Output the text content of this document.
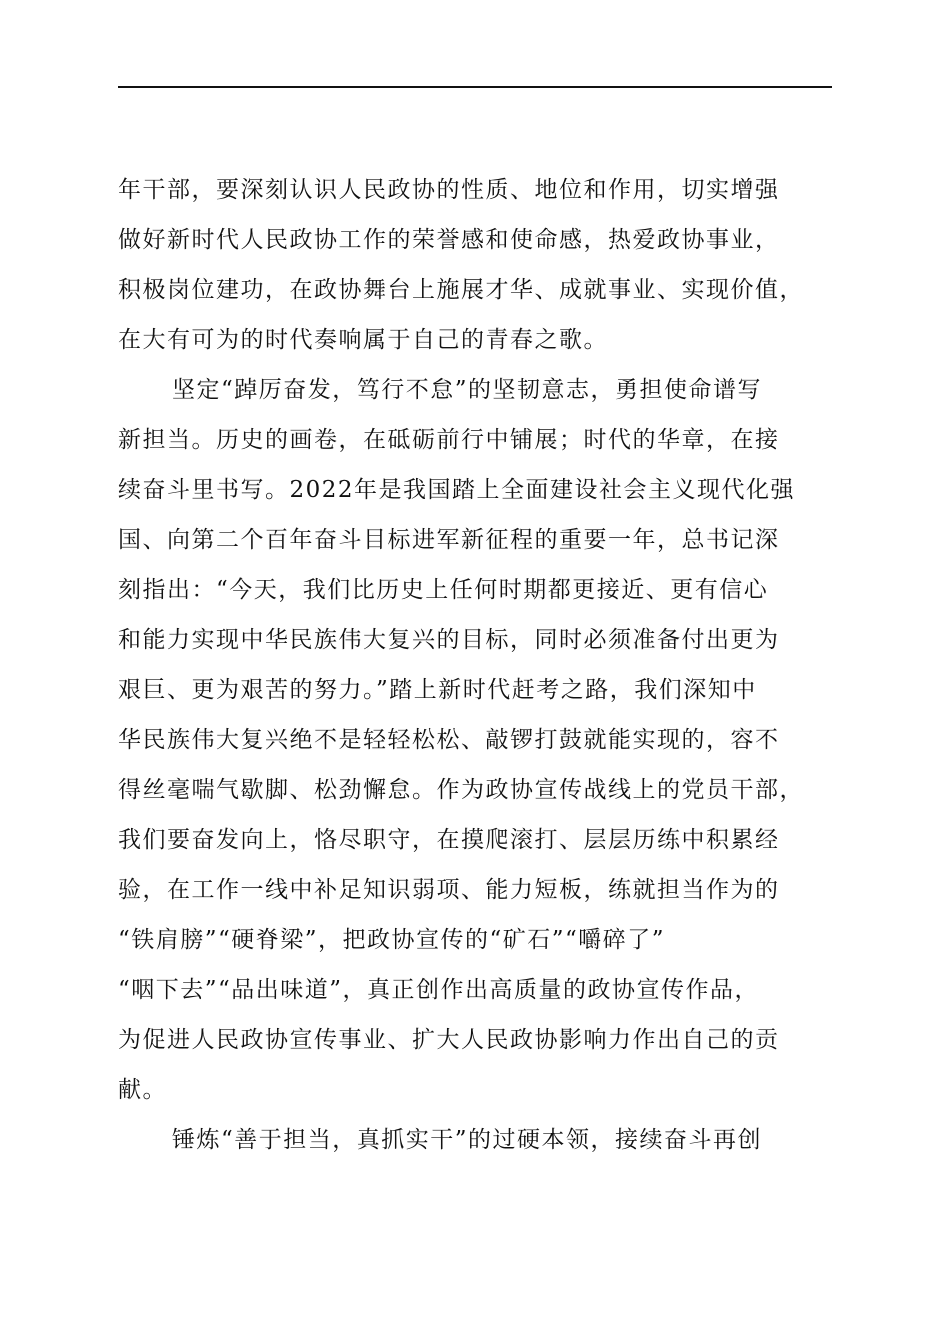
年干部，要深刻认识人民政协的性质、地位和作用，切实增强
做好新时代人民政协工作的荣誉感和使命感，热爱政协事业，
积极岗位建功，在政协舞台上施展才华、成就事业、实现价值，
在大有可为的时代奏响属于自己的青春之歌。
坚定“踔厉奋发，笃行不怠”的坚韧意志，勇担使命谱写
新担当。历史的画卷，在砥砺前行中铺展；时代的华章，在接
续奋斗里书写。2022年是我国踏上全面建设社会主义现代化强
国、向第二个百年奋斗目标进军新征程的重要一年，总书记深
刻指出：“今天，我们比历史上任何时期都更接近、更有信心
和能力实现中华民族伟大复兴的目标，同时必须准备付出更为
艰巨、更为艰苦的努力。”踏上新时代赶考之路，我们深知中
华民族伟大复兴绝不是轻轻松松、敲锣打鼓就能实现的，容不
得丝毫喘气歇脚、松劲懈怠。作为政协宣传战线上的党员干部，
我们要奋发向上，恪尽职守，在摸爬滚打、层层历练中积累经
验，在工作一线中补足知识弱项、能力短板，练就担当作为的
“铁肩膀”“硬脊梁”，把政协宣传的“矿石”“嚼碎了”
“咽下去”“品出味道”，真正创作出高质量的政协宣传作品，
为促进人民政协宣传事业、扩大人民政协影响力作出自己的贡
献。
锤炼“善于担当，真抓实干”的过硬本领，接续奋斗再创
